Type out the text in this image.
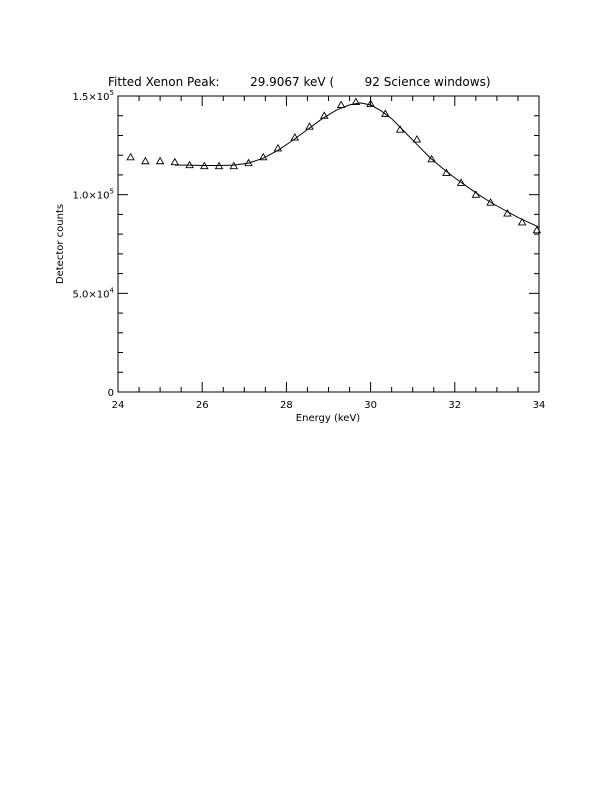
Fitted Xenon Peak:        29.9067 keV (        92 Science windows)
24	26	28	30	32	34
0
$5.0\times 10^4$
$1.0\times 10^5$
$1.5\times 10^5$
Energy (keV)
Detector counts
